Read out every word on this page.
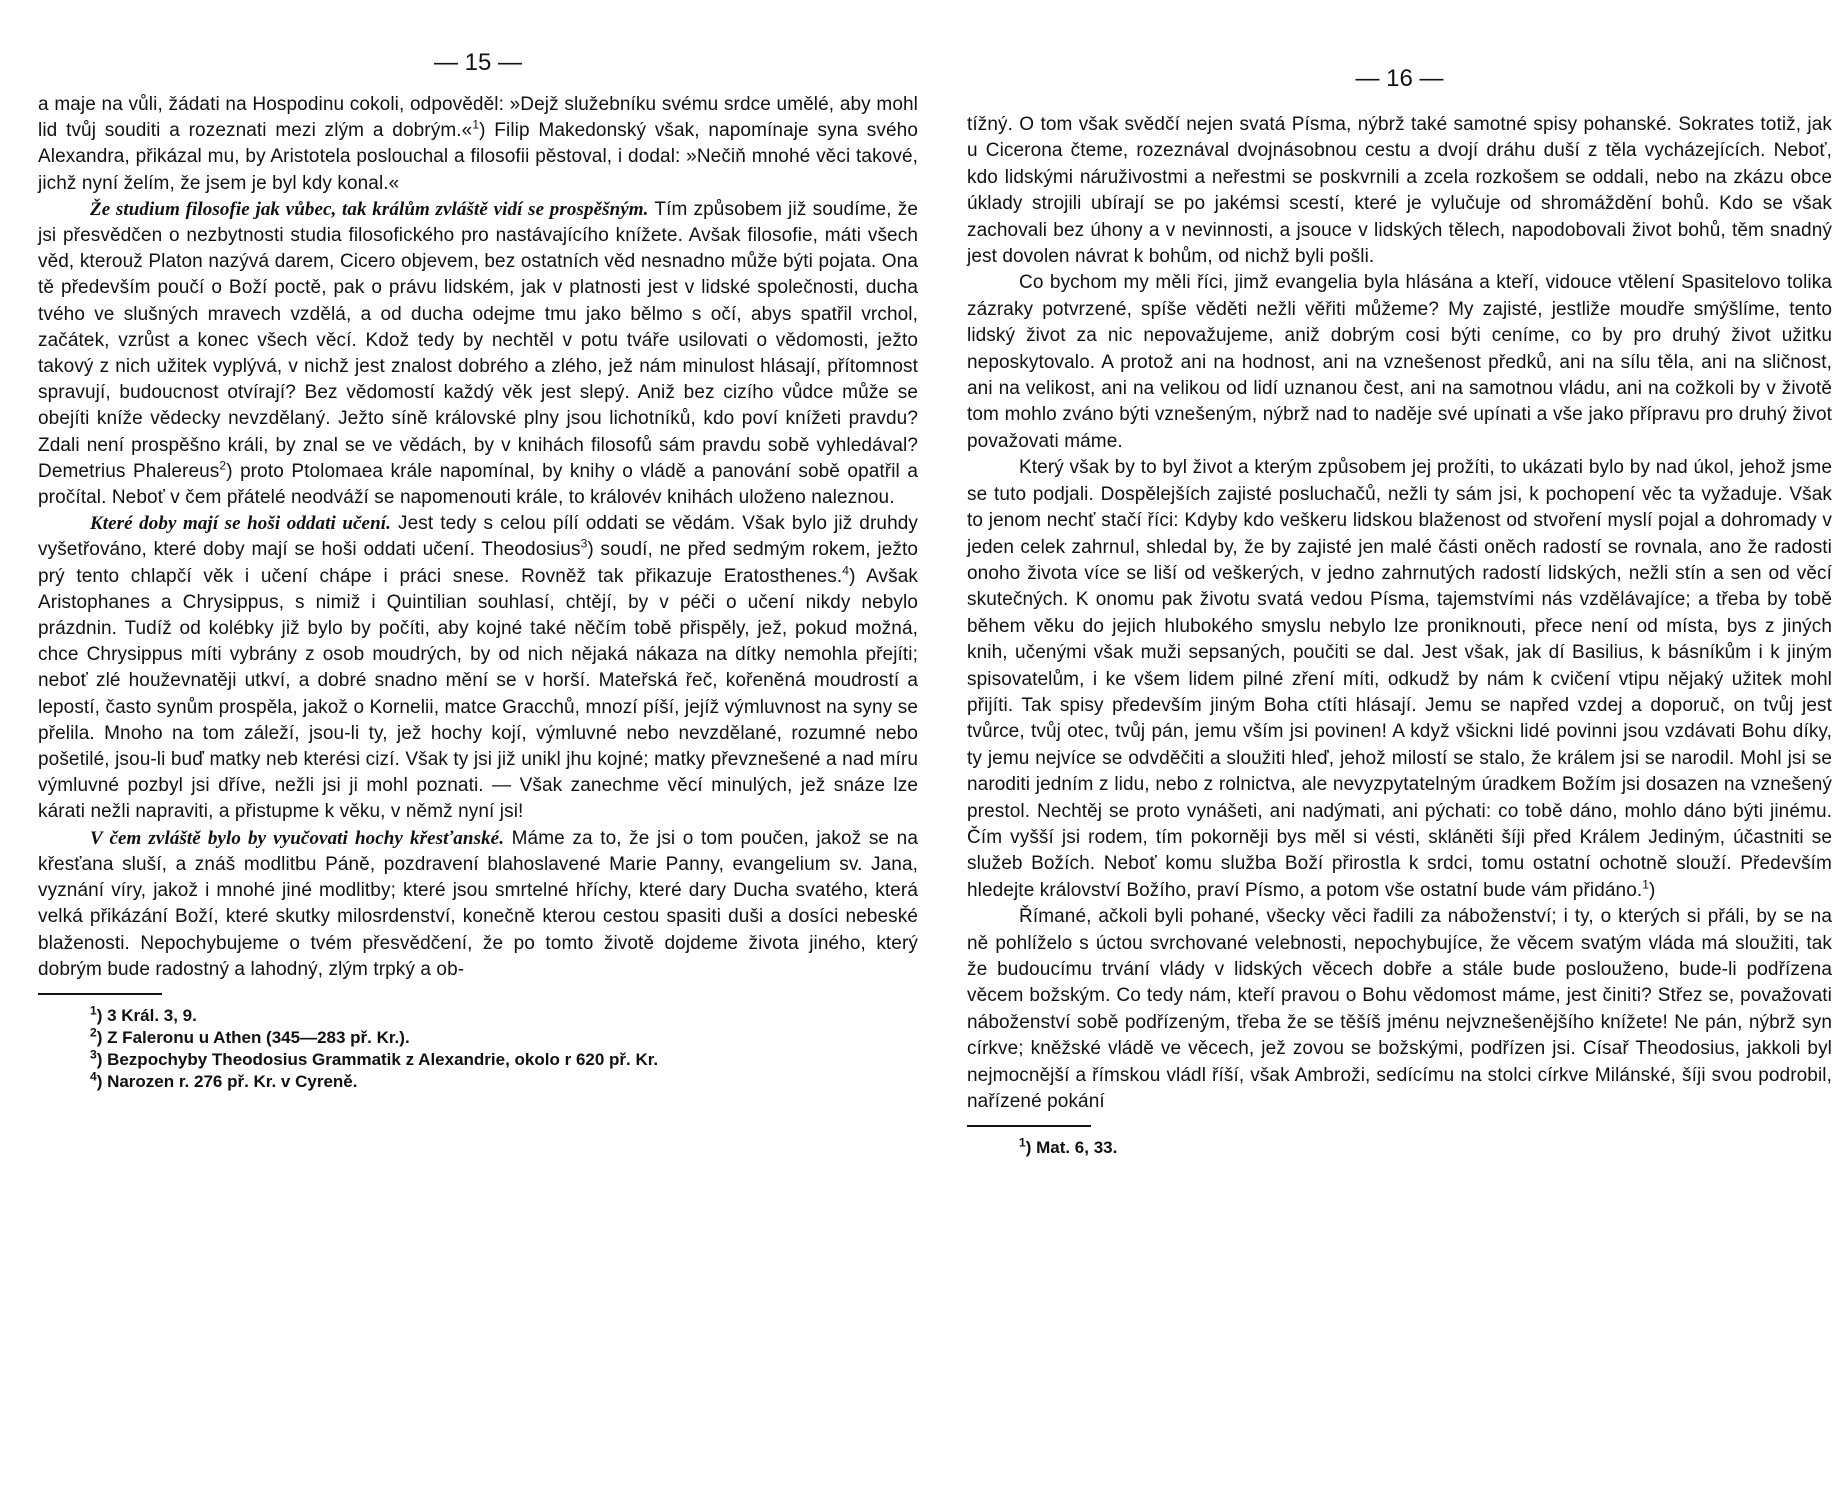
— 15 —

a maje na vůli, žádati na Hospodinu cokoli, odpověděl: »Dejž služebníku svému srdce umělé, aby mohl lid tvůj souditi a rozeznati mezi zlým a dobrým.«$^1$) Filip Makedonský však, napomínaje syna svého Alexandra, přikázal mu, by Aristotela poslouchal a filosofii pěstoval, i dodal: »Nečiň mnohé věci takové, jichž nyní želím, že jsem je byl kdy konal.«

Že studium filosofie jak vůbec, tak králům zvláště vidí se prospěšným. Tím způsobem již soudíme, že jsi přesvědčen o nezbytnosti studia filosofického pro nastávajícího knížete. Avšak filosofie, máti všech věd, kterouž Platon nazývá darem, Cicero objevem, bez ostatních věd nesnadno může býti pojata. Ona tě především poučí o Boží poctě, pak o právu lidském, jak v platnosti jest v lidské společnosti, ducha tvého ve slušných mravech vzdělá, a od ducha odejme tmu jako bělmo s očí, abys spatřil vrchol, začátek, vzrůst a konec všech věcí. Kdož tedy by nechtěl v potu tváře usilovati o vědomosti, ježto takový z nich užitek vyplývá, v nichž jest znalost dobrého a zlého, jež nám minulost hlásají, přítomnost spravují, budoucnost otvírají? Bez vědomostí každý věk jest slepý. Aniž bez cizího vůdce může se obejíti kníže vědecky nevzdělaný. Ježto síně královské plny jsou lichotníků, kdo poví knížeti pravdu? Zdali není prospěšno králi, by znal se ve vědách, by v knihách filosofů sám pravdu sobě vyhledával? Demetrius Phalereus$^2$) proto Ptolomaea krále napomínal, by knihy o vládě a panování sobě opatřil a pročítal. Neboť v čem přátelé neodváží se napomenouti krále, to královév knihách uloženo naleznou.

Které doby mají se hoši oddati učení. Jest tedy s celou pílí oddati se vědám. Však bylo již druhdy vyšetřováno, které doby mají se hoši oddati učení. Theodosius$^3$) soudí, ne před sedmým rokem, ježto prý tento chlapčí věk i učení chápe i práci snese. Rovněž tak přikazuje Eratosthenes.$^4$) Avšak Aristophanes a Chrysippus, s nimiž i Quintilian souhlasí, chtějí, by v péči o učení nikdy nebylo prázdnin. Tudíž od kolébky již bylo by počíti, aby kojné také něčím tobě přispěly, jež, pokud možná, chce Chrysippus míti vybrány z osob moudrých, by od nich nějaká nákaza na dítky nemohla přejíti; neboť zlé houževnatěji utkví, a dobré snadno mění se v horší. Mateřská řeč, kořeněná moudrostí a lepostí, často synům prospěla, jakož o Kornelii, matce Gracchů, mnozí píší, jejíž výmluvnost na syny se přelila. Mnoho na tom záleží, jsou-li ty, jež hochy kojí, výmluvné nebo nevzdělané, rozumné nebo pošetilé, jsou-li buď matky neb kterési cizí. Však ty jsi již unikl jhu kojné; matky převznešené a nad míru výmluvné pozbyl jsi dříve, nežli jsi ji mohl poznati. — Však zanechme věcí minulých, jež snáze lze kárati nežli napraviti, a přistupme k věku, v němž nyní jsi!

V čem zvláště bylo by vyučovati hochy křesťanské. Máme za to, že jsi o tom poučen, jakož se na křesťana sluší, a znáš modlitbu Páně, pozdravení blahoslavené Marie Panny, evangelium sv. Jana, vyznání víry, jakož i mnohé jiné modlitby; které jsou smrtelné hříchy, které dary Ducha svatého, která velká přikázání Boží, které skutky milosrdenství, konečně kterou cestou spasiti duši a dosíci nebeské blaženosti. Nepochybujeme o tvém přesvědčení, že po tomto životě dojdeme života jiného, který dobrým bude radostný a lahodný, zlým trpký a ob-

$^1$) 3 Král. 3, 9.
$^2$) Z Faleronu u Athen (345—283 př. Kr.).
$^3$) Bezpochyby Theodosius Grammatik z Alexandrie, okolo r 620 př. Kr.
$^4$) Narozen r. 276 př. Kr. v Cyreně.
— 16 —

tížný. O tom však svědčí nejen svatá Písma, nýbrž také samotné spisy pohanské. Sokrates totiž, jak u Cicerona čteme, rozeznával dvojnásobnou cestu a dvojí dráhu duší z těla vycházejících. Neboť, kdo lidskými náruživostmi a neřestmi se poskvrnili a zcela rozkošem se oddali, nebo na zkázu obce úklady strojili ubírají se po jakémsi scestí, které je vylučuje od shromáždění bohů. Kdo se však zachovali bez úhony a v nevinnosti, a jsouce v lidských tělech, napodobovali život bohů, těm snadný jest dovolen návrat k bohům, od nichž byli pošli.

Co bychom my měli říci, jimž evangelia byla hlásána a kteří, vidouce vtělení Spasitelovo tolika zázraky potvrzené, spíše věděti nežli věřiti můžeme? My zajisté, jestliže moudře smýšlíme, tento lidský život za nic nepovažujeme, aniž dobrým cosi býti ceníme, co by pro druhý život užitku neposkytovalo. A protož ani na hodnost, ani na vznešenost předků, ani na sílu těla, ani na sličnost, ani na velikost, ani na velikou od lidí uznanou čest, ani na samotnou vládu, ani na cožkoli by v životě tom mohlo zváno býti vznešeným, nýbrž nad to naděje své upínati a vše jako přípravu pro druhý život považovati máme.

Který však by to byl život a kterým způsobem jej prožíti, to ukázati bylo by nad úkol, jehož jsme se tuto podjali. Dospělejších zajisté posluchačů, nežli ty sám jsi, k pochopení věc ta vyžaduje. Však to jenom nechť stačí říci: Kdyby kdo veškeru lidskou blaženost od stvoření myslí pojal a dohromady v jeden celek zahrnul, shledal by, že by zajisté jen malé části oněch radostí se rovnala, ano že radosti onoho života více se liší od veškerých, v jedno zahrnutých radostí lidských, nežli stín a sen od věcí skutečných. K onomu pak životu svatá vedou Písma, tajemstvími nás vzdělávajíce; a třeba by tobě během věku do jejich hlubokého smyslu nebylo lze proniknouti, přece není od místa, bys z jiných knih, učenými však muži sepsaných, poučiti se dal. Jest však, jak dí Basilius, k básníkům i k jiným spisovatelům, i ke všem lidem pilné zření míti, odkudž by nám k cvičení vtipu nějaký užitek mohl přijíti. Tak spisy především jiným Boha ctíti hlásají. Jemu se napřed vzdej a doporuč, on tvůj jest tvůrce, tvůj otec, tvůj pán, jemu vším jsi povinen! A když všickni lidé povinni jsou vzdávati Bohu díky, ty jemu nejvíce se odvděčiti a sloužiti hleď, jehož milostí se stalo, že králem jsi se narodil. Mohl jsi se naroditi jedním z lidu, nebo z rolnictva, ale nevyzpytatelným úradkem Božím jsi dosazen na vznešený prestol. Nechtěj se proto vynášeti, ani nadýmati, ani pýchati: co tobě dáno, mohlo dáno býti jinému. Čím vyšší jsi rodem, tím pokorněji bys měl si vésti, skláněti šíji před Králem Jediným, účastniti se služeb Božích. Neboť komu služba Boží přirostla k srdci, tomu ostatní ochotně slouží. Především hledejte království Božího, praví Písmo, a potom vše ostatní bude vám přidáno.$^1$)

Římané, ačkoli byli pohané, všecky věci řadili za náboženství; i ty, o kterých si přáli, by se na ně pohlíželo s úctou svrchované velebnosti, nepochybujíce, že věcem svatým vláda má sloužiti, tak že budoucímu trvání vlády v lidských věcech dobře a stále bude poslouženo, bude-li podřízena věcem božským. Co tedy nám, kteří pravou o Bohu vědomost máme, jest činiti? Střez se, považovati náboženství sobě podřízeným, třeba že se těšíš jménu nejvznešenějšího knížete! Ne pán, nýbrž syn církve; kněžské vládě ve věcech, jež zovou se božskými, podřízen jsi. Císař Theodosius, jakkoli byl nejmocnější a římskou vládl říší, však Ambroži, sedícímu na stolci církve Milánské, šíji svou podrobil, nařízené pokání

$^1$) Mat. 6, 33.
